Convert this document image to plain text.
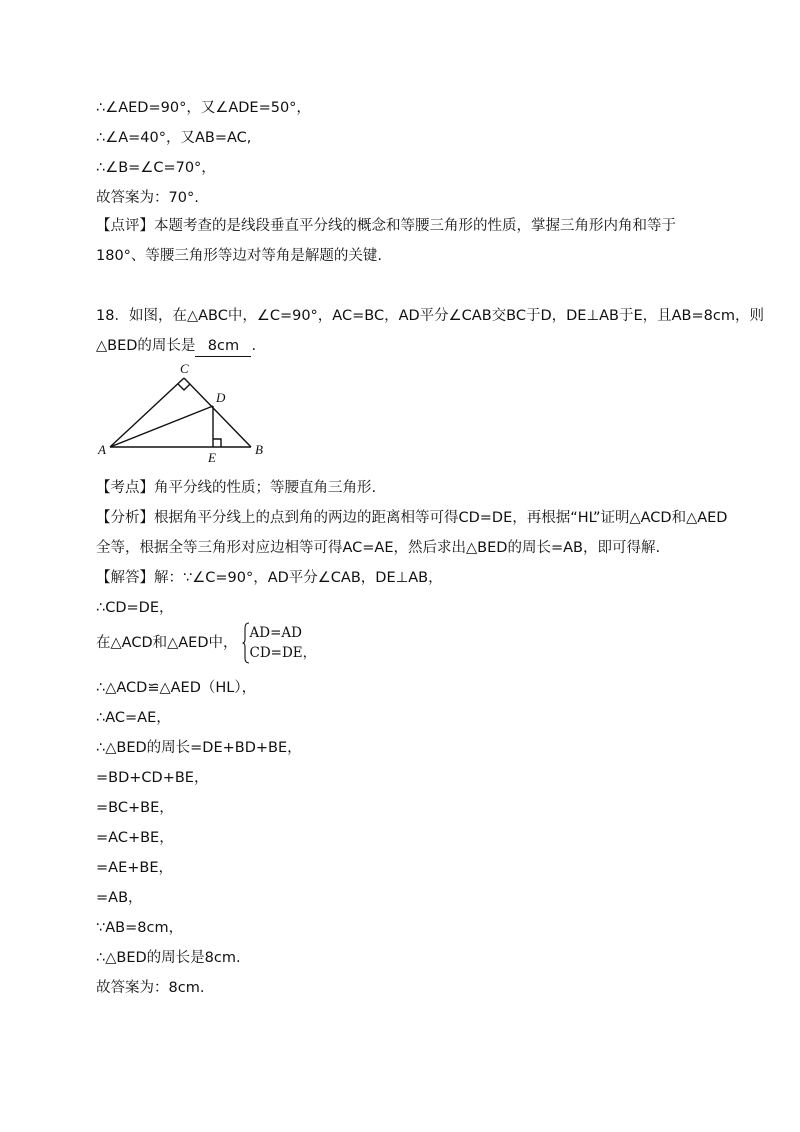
∴∠AED=90°，又∠ADE=50°，
∴∠A=40°，又AB=AC,
∴∠B=∠C=70°，
故答案为：70°.
【点评】本题考查的是线段垂直平分线的概念和等腰三角形的性质，掌握三角形内角和等于
180°、等腰三角形等边对等角是解题的关键.
18．如图，在△ABC中，∠C=90°，AC=BC，AD平分∠CAB交BC于D，DE⊥AB于E，且AB=8cm，则
△BED的周长是 8cm .
C
D
A	B
E
【考点】角平分线的性质；等腰直角三角形.
【分析】根据角平分线上的点到角的两边的距离相等可得CD=DE，再根据“HL”证明△ACD和△AED
全等，根据全等三角形对应边相等可得AC=AE，然后求出△BED的周长=AB，即可得解.
【解答】解：∵∠C=90°，AD平分∠CAB，DE⊥AB，
∴CD=DE，
在△ACD和△AED中，
AD=AD
CD=DE，
∴△ACD≌△AED（HL），
∴AC=AE，
∴△BED的周长=DE+BD+BE，
=BD+CD+BE，
=BC+BE，
=AC+BE，
=AE+BE，
=AB，
∵AB=8cm，
∴△BED的周长是8cm.
故答案为：8cm.
